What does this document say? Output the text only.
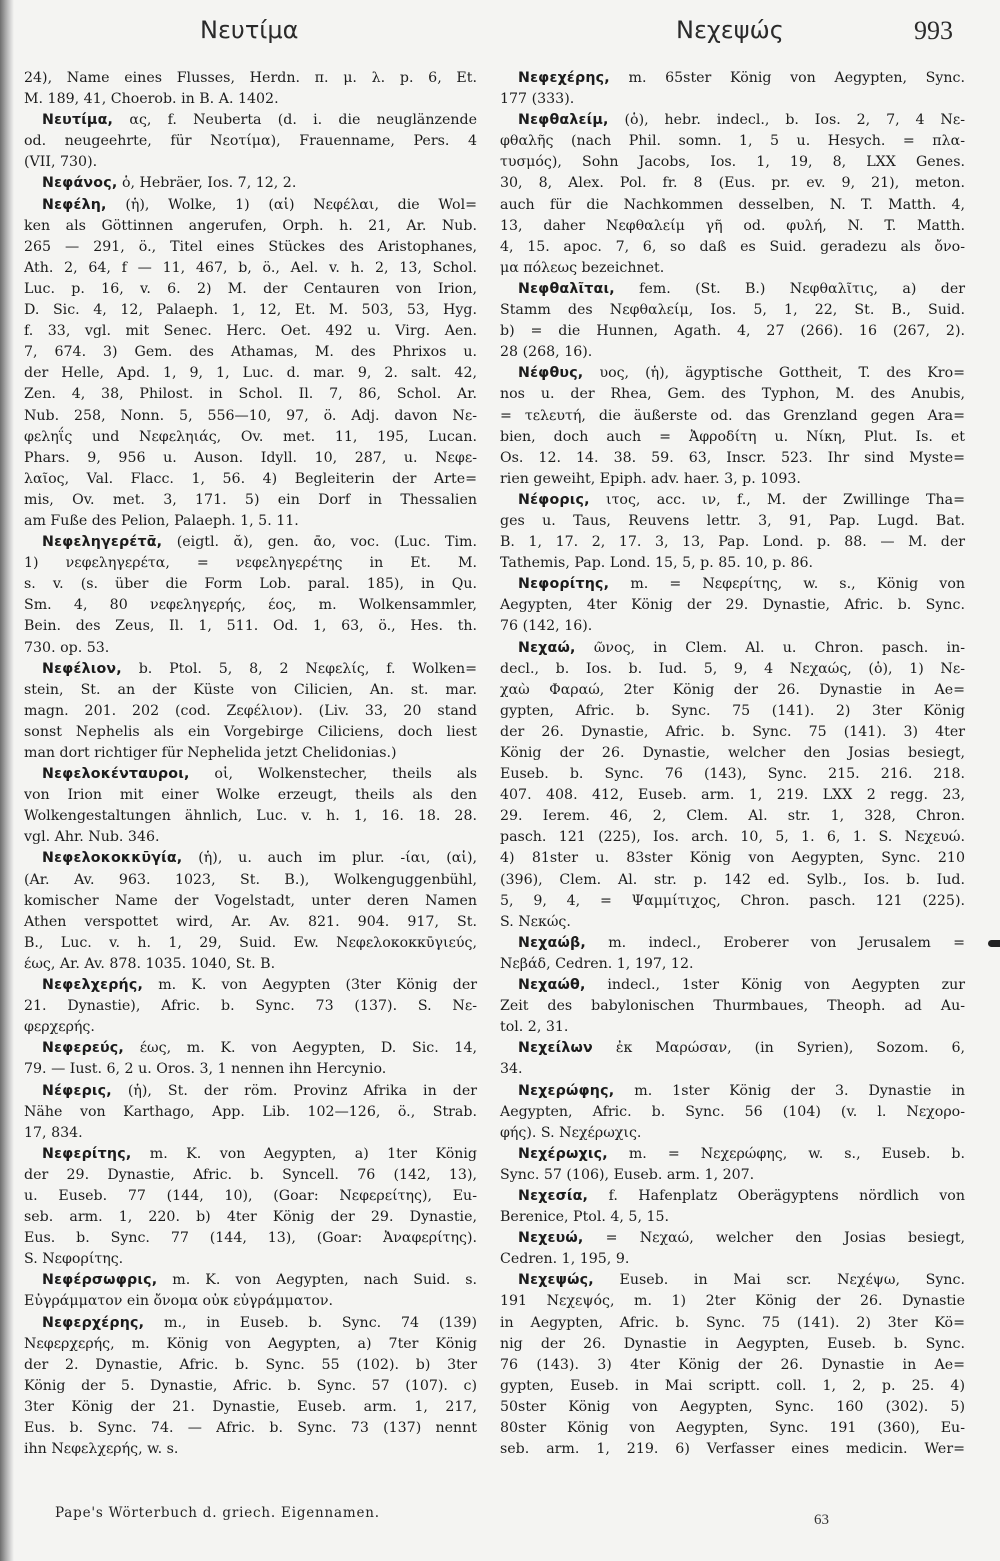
Νευτίμα	Νεχεψώς	993
24), Name eines Flusses, Herdn. π. μ. λ. p. 6, Et.
M. 189, 41, Choerob. in B. A. 1402.
Νευτίμα, ας, f. Neuberta (d. i. die neuglänzende
od. neugeehrte, für Νεοτίμα), Frauenname, Pers. 4
(VII, 730).
Νεφάνος, ὁ, Hebräer, Ios. 7, 12, 2.
Νεφέλη, (ἡ), Wolke, 1) (αἱ) Νεφέλαι, die Wol=
ken als Göttinnen angerufen, Orph. h. 21, Ar. Nub.
265 — 291, ö., Titel eines Stückes des Aristophanes,
Ath. 2, 64, f — 11, 467, b, ö., Ael. v. h. 2, 13, Schol.
Luc. p. 16, v. 6. 2) M. der Centauren von Irion,
D. Sic. 4, 12, Palaeph. 1, 12, Et. M. 503, 53, Hyg.
f. 33, vgl. mit Senec. Herc. Oet. 492 u. Virg. Aen.
7, 674. 3) Gem. des Athamas, M. des Phrixos u.
der Helle, Apd. 1, 9, 1, Luc. d. mar. 9, 2. salt. 42,
Zen. 4, 38, Philost. in Schol. Il. 7, 86, Schol. Ar.
Nub. 258, Nonn. 5, 556—10, 97, ö. Adj. davon Νε-
φεληΐς und Νεφεληιάς, Ov. met. 11, 195, Lucan.
Phars. 9, 956 u. Auson. Idyll. 10, 287, u. Νεφε-
λαῖος, Val. Flacc. 1, 56. 4) Begleiterin der Arte=
mis, Ov. met. 3, 171. 5) ein Dorf in Thessalien
am Fuße des Pelion, Palaeph. 1, 5. 11.
Νεφεληγερέτᾱ, (eigtl. ᾰ), gen. ᾱο, voc. (Luc. Tim.
1) νεφεληγερέτα, = νεφεληγερέτης in Et. M.
s. v. (s. über die Form Lob. paral. 185), in Qu.
Sm. 4, 80 νεφεληγερής, έος, m. Wolkensammler,
Bein. des Zeus, Il. 1, 511. Od. 1, 63, ö., Hes. th.
730. op. 53.
Νεφέλιον, b. Ptol. 5, 8, 2 Νεφελίς, f. Wolken=
stein, St. an der Küste von Cilicien, An. st. mar.
magn. 201. 202 (cod. Ζεφέλιον). (Liv. 33, 20 stand
sonst Nephelis als ein Vorgebirge Ciliciens, doch liest
man dort richtiger für Nephelida jetzt Chelidonias.)
Νεφελοκένταυροι, οἱ, Wolkenstecher, theils als
von Irion mit einer Wolke erzeugt, theils als den
Wolkengestaltungen ähnlich, Luc. v. h. 1, 16. 18. 28.
vgl. Ahr. Nub. 346.
Νεφελοκοκκῡγία, (ἡ), u. auch im plur. -ίαι, (αἱ),
(Ar. Av. 963. 1023, St. B.), Wolkenguggenbühl,
komischer Name der Vogelstadt, unter deren Namen
Athen verspottet wird, Ar. Av. 821. 904. 917, St.
B., Luc. v. h. 1, 29, Suid. Ew. Νεφελοκοκκῡγιεύς,
έως, Ar. Av. 878. 1035. 1040, St. B.
Νεφελχερής, m. K. von Aegypten (3ter König der
21. Dynastie), Afric. b. Sync. 73 (137). S. Νε-
φερχερής.
Νεφερεύς, έως, m. K. von Aegypten, D. Sic. 14,
79. — Iust. 6, 2 u. Oros. 3, 1 nennen ihn Hercynio.
Νέφερις, (ἡ), St. der röm. Provinz Afrika in der
Nähe von Karthago, App. Lib. 102—126, ö., Strab.
17, 834.
Νεφερίτης, m. K. von Aegypten, a) 1ter König
der 29. Dynastie, Afric. b. Syncell. 76 (142, 13),
u. Euseb. 77 (144, 10), (Goar: Νεφερείτης), Eu-
seb. arm. 1, 220. b) 4ter König der 29. Dynastie,
Eus. b. Sync. 77 (144, 13), (Goar: Ἀναφερίτης).
S. Νεφορίτης.
Νεφέρσωφρις, m. K. von Aegypten, nach Suid. s.
Εὐγράμματον ein ὄνομα οὐκ εὐγράμματον.
Νεφερχέρης, m., in Euseb. b. Sync. 74 (139)
Νεφερχερής, m. König von Aegypten, a) 7ter König
der 2. Dynastie, Afric. b. Sync. 55 (102). b) 3ter
König der 5. Dynastie, Afric. b. Sync. 57 (107). c)
3ter König der 21. Dynastie, Euseb. arm. 1, 217,
Eus. b. Sync. 74. — Afric. b. Sync. 73 (137) nennt
ihn Νεφελχερής, w. s.
Νεφεχέρης, m. 65ster König von Aegypten, Sync.
177 (333).
Νεφθαλείμ, (ὁ), hebr. indecl., b. Ios. 2, 7, 4 Νε-
φθαλῆς (nach Phil. somn. 1, 5 u. Hesych. = πλα-
τυσμός), Sohn Jacobs, Ios. 1, 19, 8, LXX Genes.
30, 8, Alex. Pol. fr. 8 (Eus. pr. ev. 9, 21), meton.
auch für die Nachkommen desselben, N. T. Matth. 4,
13, daher Νεφθαλείμ γῆ od. φυλή, N. T. Matth.
4, 15. apoc. 7, 6, so daß es Suid. geradezu als ὄνο-
μα πόλεως bezeichnet.
Νεφθαλῖται, fem. (St. B.) Νεφθαλῖτις, a) der
Stamm des Νεφθαλείμ, Ios. 5, 1, 22, St. B., Suid.
b) = die Hunnen, Agath. 4, 27 (266). 16 (267, 2).
28 (268, 16).
Νέφθυς, υος, (ἡ), ägyptische Gottheit, T. des Kro=
nos u. der Rhea, Gem. des Typhon, M. des Anubis,
= τελευτή, die äußerste od. das Grenzland gegen Ara=
bien, doch auch = Ἀφροδίτη u. Νίκη, Plut. Is. et
Os. 12. 14. 38. 59. 63, Inscr. 523. Ihr sind Myste=
rien geweiht, Epiph. adv. haer. 3, p. 1093.
Νέφορις, ιτος, acc. ιν, f., M. der Zwillinge Tha=
ges u. Taus, Reuvens lettr. 3, 91, Pap. Lugd. Bat.
B. 1, 17. 2, 17. 3, 13, Pap. Lond. p. 88. — M. der
Tathemis, Pap. Lond. 15, 5, p. 85. 10, p. 86.
Νεφορίτης, m. = Νεφερίτης, w. s., König von
Aegypten, 4ter König der 29. Dynastie, Afric. b. Sync.
76 (142, 16).
Νεχαώ, ῶνος, in Clem. Al. u. Chron. pasch. in-
decl., b. Ios. b. Iud. 5, 9, 4 Νεχαώς, (ὁ), 1) Νε-
χαὼ Φαραώ, 2ter König der 26. Dynastie in Ae=
gypten, Afric. b. Sync. 75 (141). 2) 3ter König
der 26. Dynastie, Afric. b. Sync. 75 (141). 3) 4ter
König der 26. Dynastie, welcher den Josias besiegt,
Euseb. b. Sync. 76 (143), Sync. 215. 216. 218.
407. 408. 412, Euseb. arm. 1, 219. LXX 2 regg. 23,
29. Ierem. 46, 2, Clem. Al. str. 1, 328, Chron.
pasch. 121 (225), Ios. arch. 10, 5, 1. 6, 1. S. Νεχευώ.
4) 81ster u. 83ster König von Aegypten, Sync. 210
(396), Clem. Al. str. p. 142 ed. Sylb., Ios. b. Iud.
5, 9, 4, = Ψαμμίτιχος, Chron. pasch. 121 (225).
S. Νεκώς.
Νεχαώβ, m. indecl., Eroberer von Jerusalem =
Νεβάδ, Cedren. 1, 197, 12.
Νεχαώθ, indecl., 1ster König von Aegypten zur
Zeit des babylonischen Thurmbaues, Theoph. ad Au-
tol. 2, 31.
Νεχείλων ἐκ Μαρώσαν, (in Syrien), Sozom. 6,
34.
Νεχερώφης, m. 1ster König der 3. Dynastie in
Aegypten, Afric. b. Sync. 56 (104) (v. l. Νεχορο-
φής). S. Νεχέρωχις.
Νεχέρωχις, m. = Νεχερώφης, w. s., Euseb. b.
Sync. 57 (106), Euseb. arm. 1, 207.
Νεχεσία, f. Hafenplatz Oberägyptens nördlich von
Berenice, Ptol. 4, 5, 15.
Νεχευώ, = Νεχαώ, welcher den Josias besiegt,
Cedren. 1, 195, 9.
Νεχεψώς, Euseb. in Mai scr. Νεχέψω, Sync.
191 Νεχεψός, m. 1) 2ter König der 26. Dynastie
in Aegypten, Afric. b. Sync. 75 (141). 2) 3ter Kö=
nig der 26. Dynastie in Aegypten, Euseb. b. Sync.
76 (143). 3) 4ter König der 26. Dynastie in Ae=
gypten, Euseb. in Mai scriptt. coll. 1, 2, p. 25. 4)
50ster König von Aegypten, Sync. 160 (302). 5)
80ster König von Aegypten, Sync. 191 (360), Eu-
seb. arm. 1, 219. 6) Verfasser eines medicin. Wer=
Pape's Wörterbuch d. griech. Eigennamen.	63
